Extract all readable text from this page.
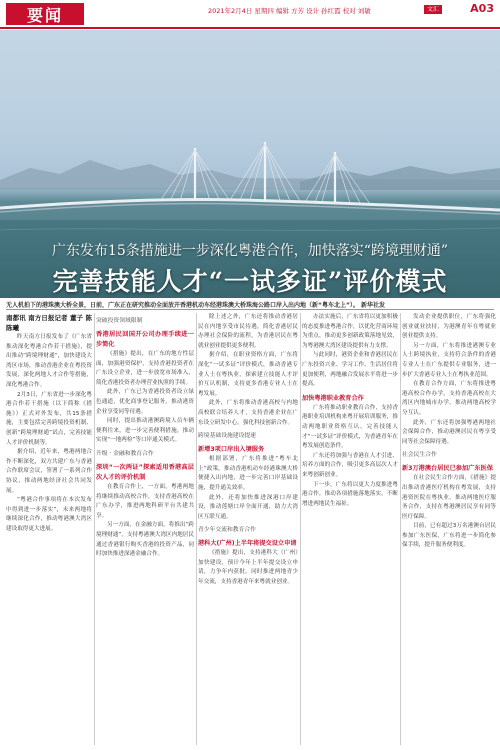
要闻	2021年2月4日 星期四 编辑 方芳 设计 孙红霞 校对 刘敏	文汇	A03
广东发布15条措施进一步深化粤港合作，加快落实“跨境理财通”
完善技能人才“一试多证”评价模式
无人机拍下的港珠澳大桥全景，日前，广东正在研究推动全面放开香港机动车经港珠澳大桥珠海公路口岸入出内地（新“粤车北上”）。 新华社发
南都讯 南方日报记者 董子 陈 陈曦

昨天南方日报发布了《广东省推动深化粤港合作若干措施》，提出推动“跨境理财通”，加快建设大湾区市场，推动香港企业在粤投资发展，深化两地人才合作等措施，深化粤港合作。

2月3日，广东省进一步深化粤港合作若干措施（以下简称《措施》）正式对外发布，共15条措施，主要包括完善跨境投资机制、创新“跨境理财通”试点，完善技能人才评价机制等。

据介绍，近年来，粤港两地合作不断深化，双方共建广东与香港合作联席会议，签署了一系列合作协议，推动两地经济社会共同发展。

“粤港合作事项将在本次发布中得到进一步落实”，未来两地将继续深化合作，推动粤港澳大湾区建设取得更大进展。

突破投资领域限制
香港居民回国开公司办理手续进一步简化

《措施》提出，在广东的地方性层面，加强港资保护，支持香港投资者在广东设立企业，进一步放宽市场准入，简化香港投资者办理营业执照的手续。

此外，广东已为香港投资者设立绿色通道，优化商事登记服务，推动港资企业享受同等待遇。

同时，提出推动港澳跨境人员车辆便利往来，进一步完善便利措施，推动实现“一地两检”等口岸通关模式。

升级 · 金融和教育合作
深圳“一次两证”探索适用香港高层次人才的评价机制

在教育合作上，一方面，粤港两地将继续推动高校合作，支持香港高校在广东办学，推进两地科研平台共建共享。

另一方面，在金融方面，将推出“跨境理财通”，支持粤港澳大湾区内地居民通过香港银行购买香港的投资产品，同时加快推进深港金融合作。

除上述之外，广东还将推动香港居民在内地享受市民待遇，简化香港居民办理社会保险的流程，为香港居民在粤就业创业提供更多便利。

据介绍，在职业资格方面，广东将深化“一试多证”评价模式，推动香港专业人士在粤执业，探索建立技能人才评价互认机制，支持更多香港专业人士在粤发展。

此外，广东将推动香港高校与内地高校联合培养人才，支持香港企业在广东设立研发中心，强化科技创新合作。

跨境基础设施建设提速
新增3项口岸出入境服务

根据部署，广东将推进“粤车北上”政策，推动香港机动车经港珠澳大桥便捷入出内地，进一步完善口岸基础设施，提升通关效率。

此外，还将加快推进深港口岸建设，推动莲塘口岸全面开通，助力大湾区互联互通。

青少年交流和教育合作
港科大(广州)上半年将提交设立申请

《措施》提出，支持港科大（广州）加快建设，预计今年上半年提交设立申请，力争年内获批。同时推进两地青少年交流，支持香港青年来粤就业创业。

办法实施后，广东省将以更加积极的态度推进粤港合作，以优化营商环境为重点，推动更多创新政策落地见效，为粤港澳大湾区建设提供有力支撑。

与此同时，港资企业和香港居民在广东投资兴业、学习工作、生活居住将更加便利，两地融合发展水平将进一步提高。

加快粤港职业教育合作

广东将推动职业教育合作，支持香港职业培训机构来粤开展培训服务，推动两地职业资格互认，完善技能人才“一试多证”评价模式，为香港青年在粤发展创造条件。

广东还将加强与香港在人才引进、培养方面的合作，吸引更多高层次人才来粤创新创业。

下一步，广东将以更大力度推进粤港合作，推动各项措施落地落实，不断增进两地民生福祉。

发动企业提供职位，广东将强化创业就业扶持，为港澳青年在粤就业创业提供支持。

另一方面，广东将推进港澳专业人士跨境执业，支持符合条件的香港专业人士在广东提供专业服务，进一步扩大香港专业人士在粤执业范围。

在教育合作方面，广东将推进粤港高校合作办学，支持香港高校在大湾区内地城市办学，推动两地高校学分互认。

此外，广东还将加强粤港两地社会保障合作，推动港澳居民在粤享受同等社会保障待遇。

社会民生合作
新3万港澳台居民已参加广东医保

在社会民生合作方面，《措施》提出推动香港医疗机构在粤发展，支持港资医院在粤执业，推动两地医疗服务合作，支持在粤港澳居民享有同等医疗保障。

目前，已有超过3万名港澳台居民参加广东医保，广东将进一步简化参保手续，提升服务便利度。
